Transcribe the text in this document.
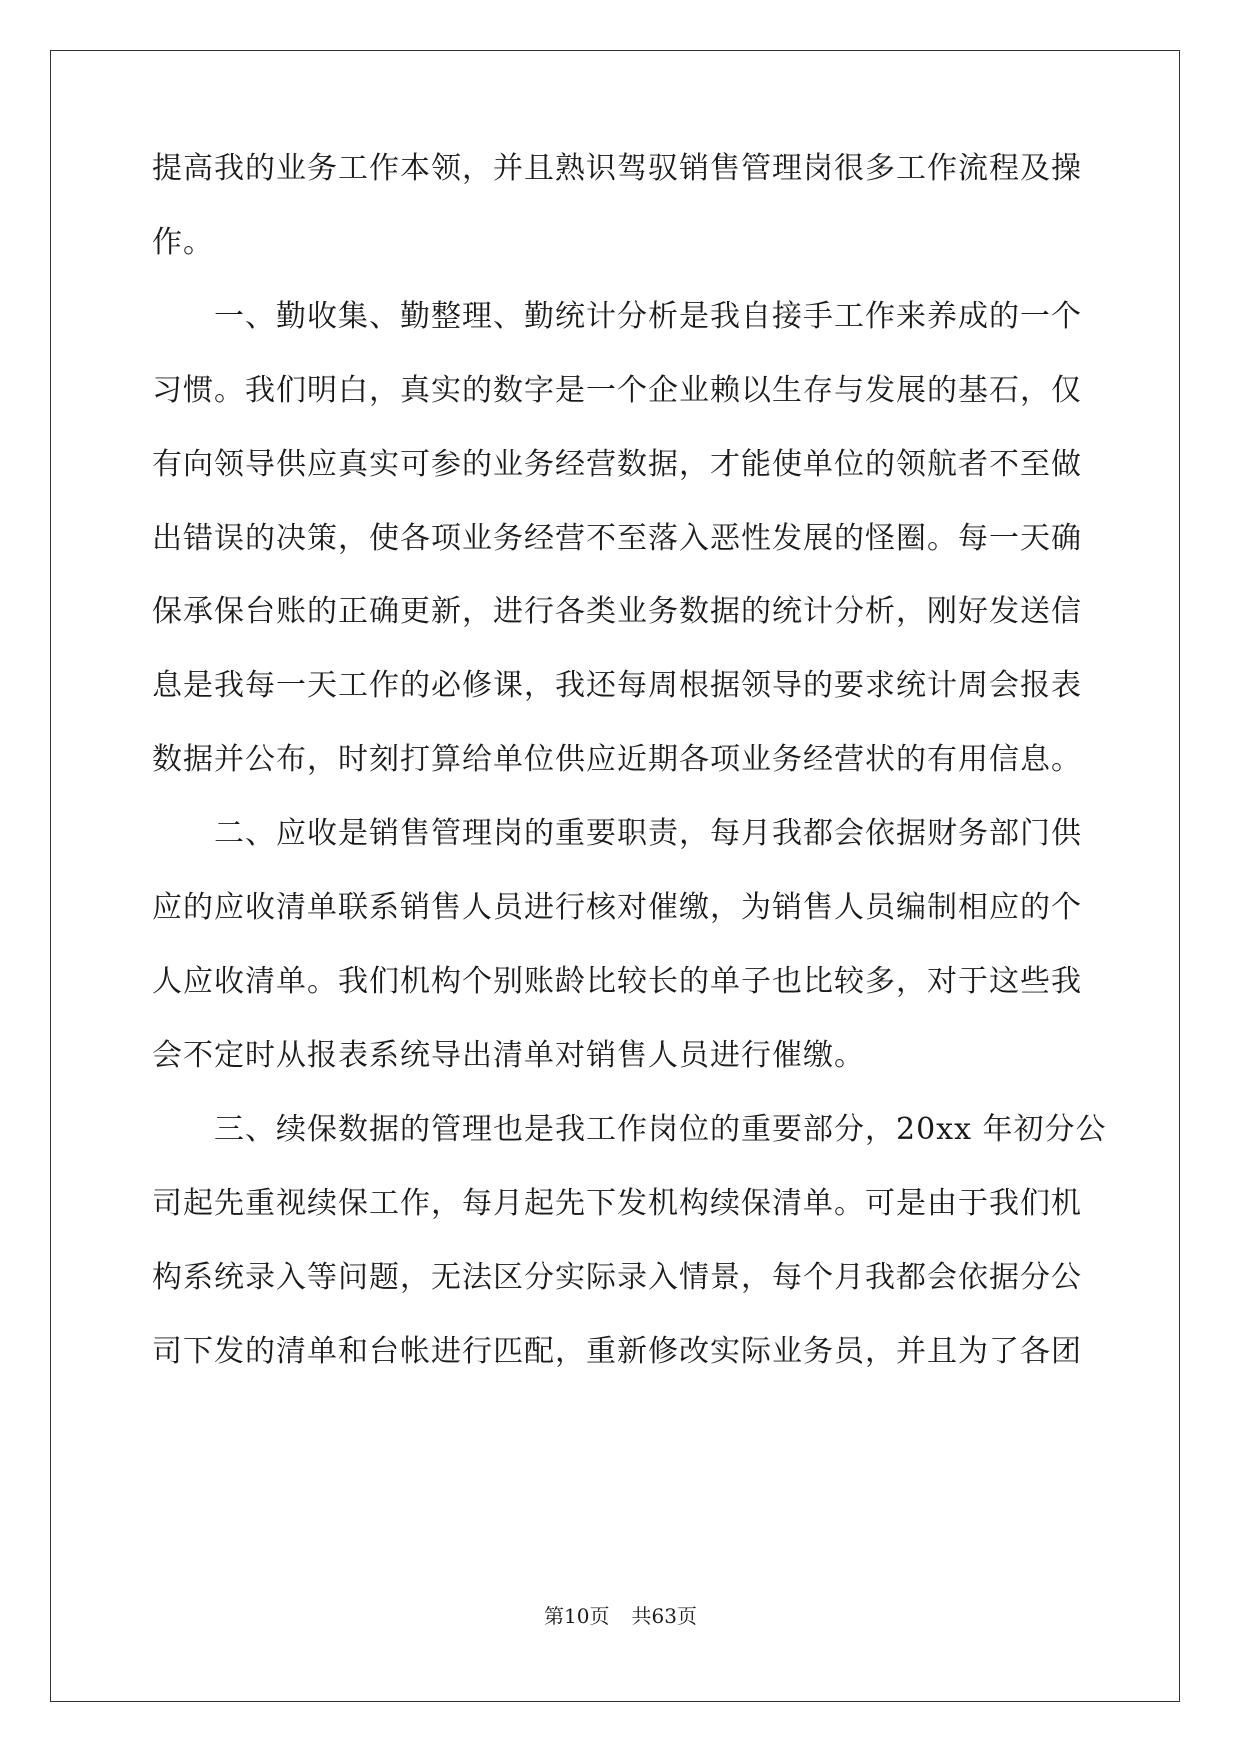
提高我的业务工作本领，并且熟识驾驭销售管理岗很多工作流程及操
作。
　　一、勤收集、勤整理、勤统计分析是我自接手工作来养成的一个
习惯。我们明白，真实的数字是一个企业赖以生存与发展的基石，仅
有向领导供应真实可参的业务经营数据，才能使单位的领航者不至做
出错误的决策，使各项业务经营不至落入恶性发展的怪圈。每一天确
保承保台账的正确更新，进行各类业务数据的统计分析，刚好发送信
息是我每一天工作的必修课，我还每周根据领导的要求统计周会报表
数据并公布，时刻打算给单位供应近期各项业务经营状的有用信息。
　　二、应收是销售管理岗的重要职责，每月我都会依据财务部门供
应的应收清单联系销售人员进行核对催缴，为销售人员编制相应的个
人应收清单。我们机构个别账龄比较长的单子也比较多，对于这些我
会不定时从报表系统导出清单对销售人员进行催缴。
　　三、续保数据的管理也是我工作岗位的重要部分，20xx 年初分公
司起先重视续保工作，每月起先下发机构续保清单。可是由于我们机
构系统录入等问题，无法区分实际录入情景，每个月我都会依据分公
司下发的清单和台帐进行匹配，重新修改实际业务员，并且为了各团
第10页 共63页
